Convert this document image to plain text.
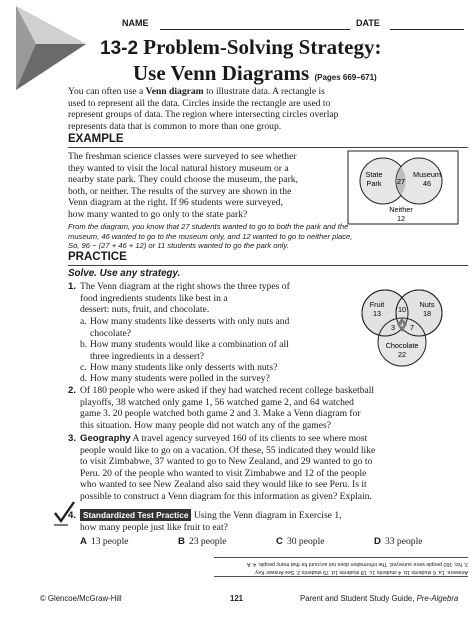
NAME	DATE
13-2 Problem-Solving Strategy:
Use Venn Diagrams (Pages 669–671)
You can often use a Venn diagram to illustrate data. A rectangle is
used to represent all the data. Circles inside the rectangle are used to
represent groups of data. The region where intersecting circles overlap
represents data that is common to more than one group.
EXAMPLE
The freshman science classes were surveyed to see whether
they wanted to visit the local natural history museum or a
nearby state park. They could choose the museum, the park,
both, or neither. The results of the survey are shown in the
Venn diagram at the right. If 96 students were surveyed,
how many wanted to go only to the state park?
From the diagram, you know that 27 students wanted to go to both the park and the
museum, 46 wanted to go to the museum only, and 12 wanted to go to neither place,
So, 96 − (27 + 46 + 12) or 11 students wanted to go the park only.
State
Park 27
Museum
46
Neither
12
PRACTICE
Solve. Use any strategy.
1. The Venn diagram at the right shows the three types of
food ingredients students like best in a
dessert: nuts, fruit, and chocolate.
a. How many students like desserts with only nuts and
chocolate?
b. How many students would like a combination of all
three ingredients in a dessert?
c. How many students like only desserts with nuts?
d. How many students were polled in the survey?
Fruit
13
Nuts
18
10
3 7
4
Chocolate
22
2. Of 180 people who were asked if they had watched recent college basketball
playoffs, 38 watched only game 1, 56 watched game 2, and 64 watched
game 3. 20 people watched both game 2 and 3. Make a Venn diagram for
this situation. How many people did not watch any of the games?
3. Geography A travel agency surveyed 160 of its clients to see where most
people would like to go on a vacation. Of these, 55 indicated they would like
to visit Zimbabwe, 37 wanted to go to New Zealand, and 29 wanted to go to
Peru. 20 of the people who wanted to visit Zimbabwe and 12 of the people
who wanted to see New Zealand also said they would like to see Peru. Is it
possible to construct a Venn diagram for this information as given? Explain.
4. Standardized Test Practice Using the Venn diagram in Exercise 1,
how many people just like fruit to eat?
A 13 people	B 23 people	C 30 people	D 33 people
3. No; 160 people were surveyed. The information does not account for that many people. 4. A
Answers: 1a. 6 students 1b. 4 students 1c. 18 students 1d. 79 students 2. See Answer Key.
© Glencoe/McGraw-Hill	121	Parent and Student Study Guide, Pre-Algebra
